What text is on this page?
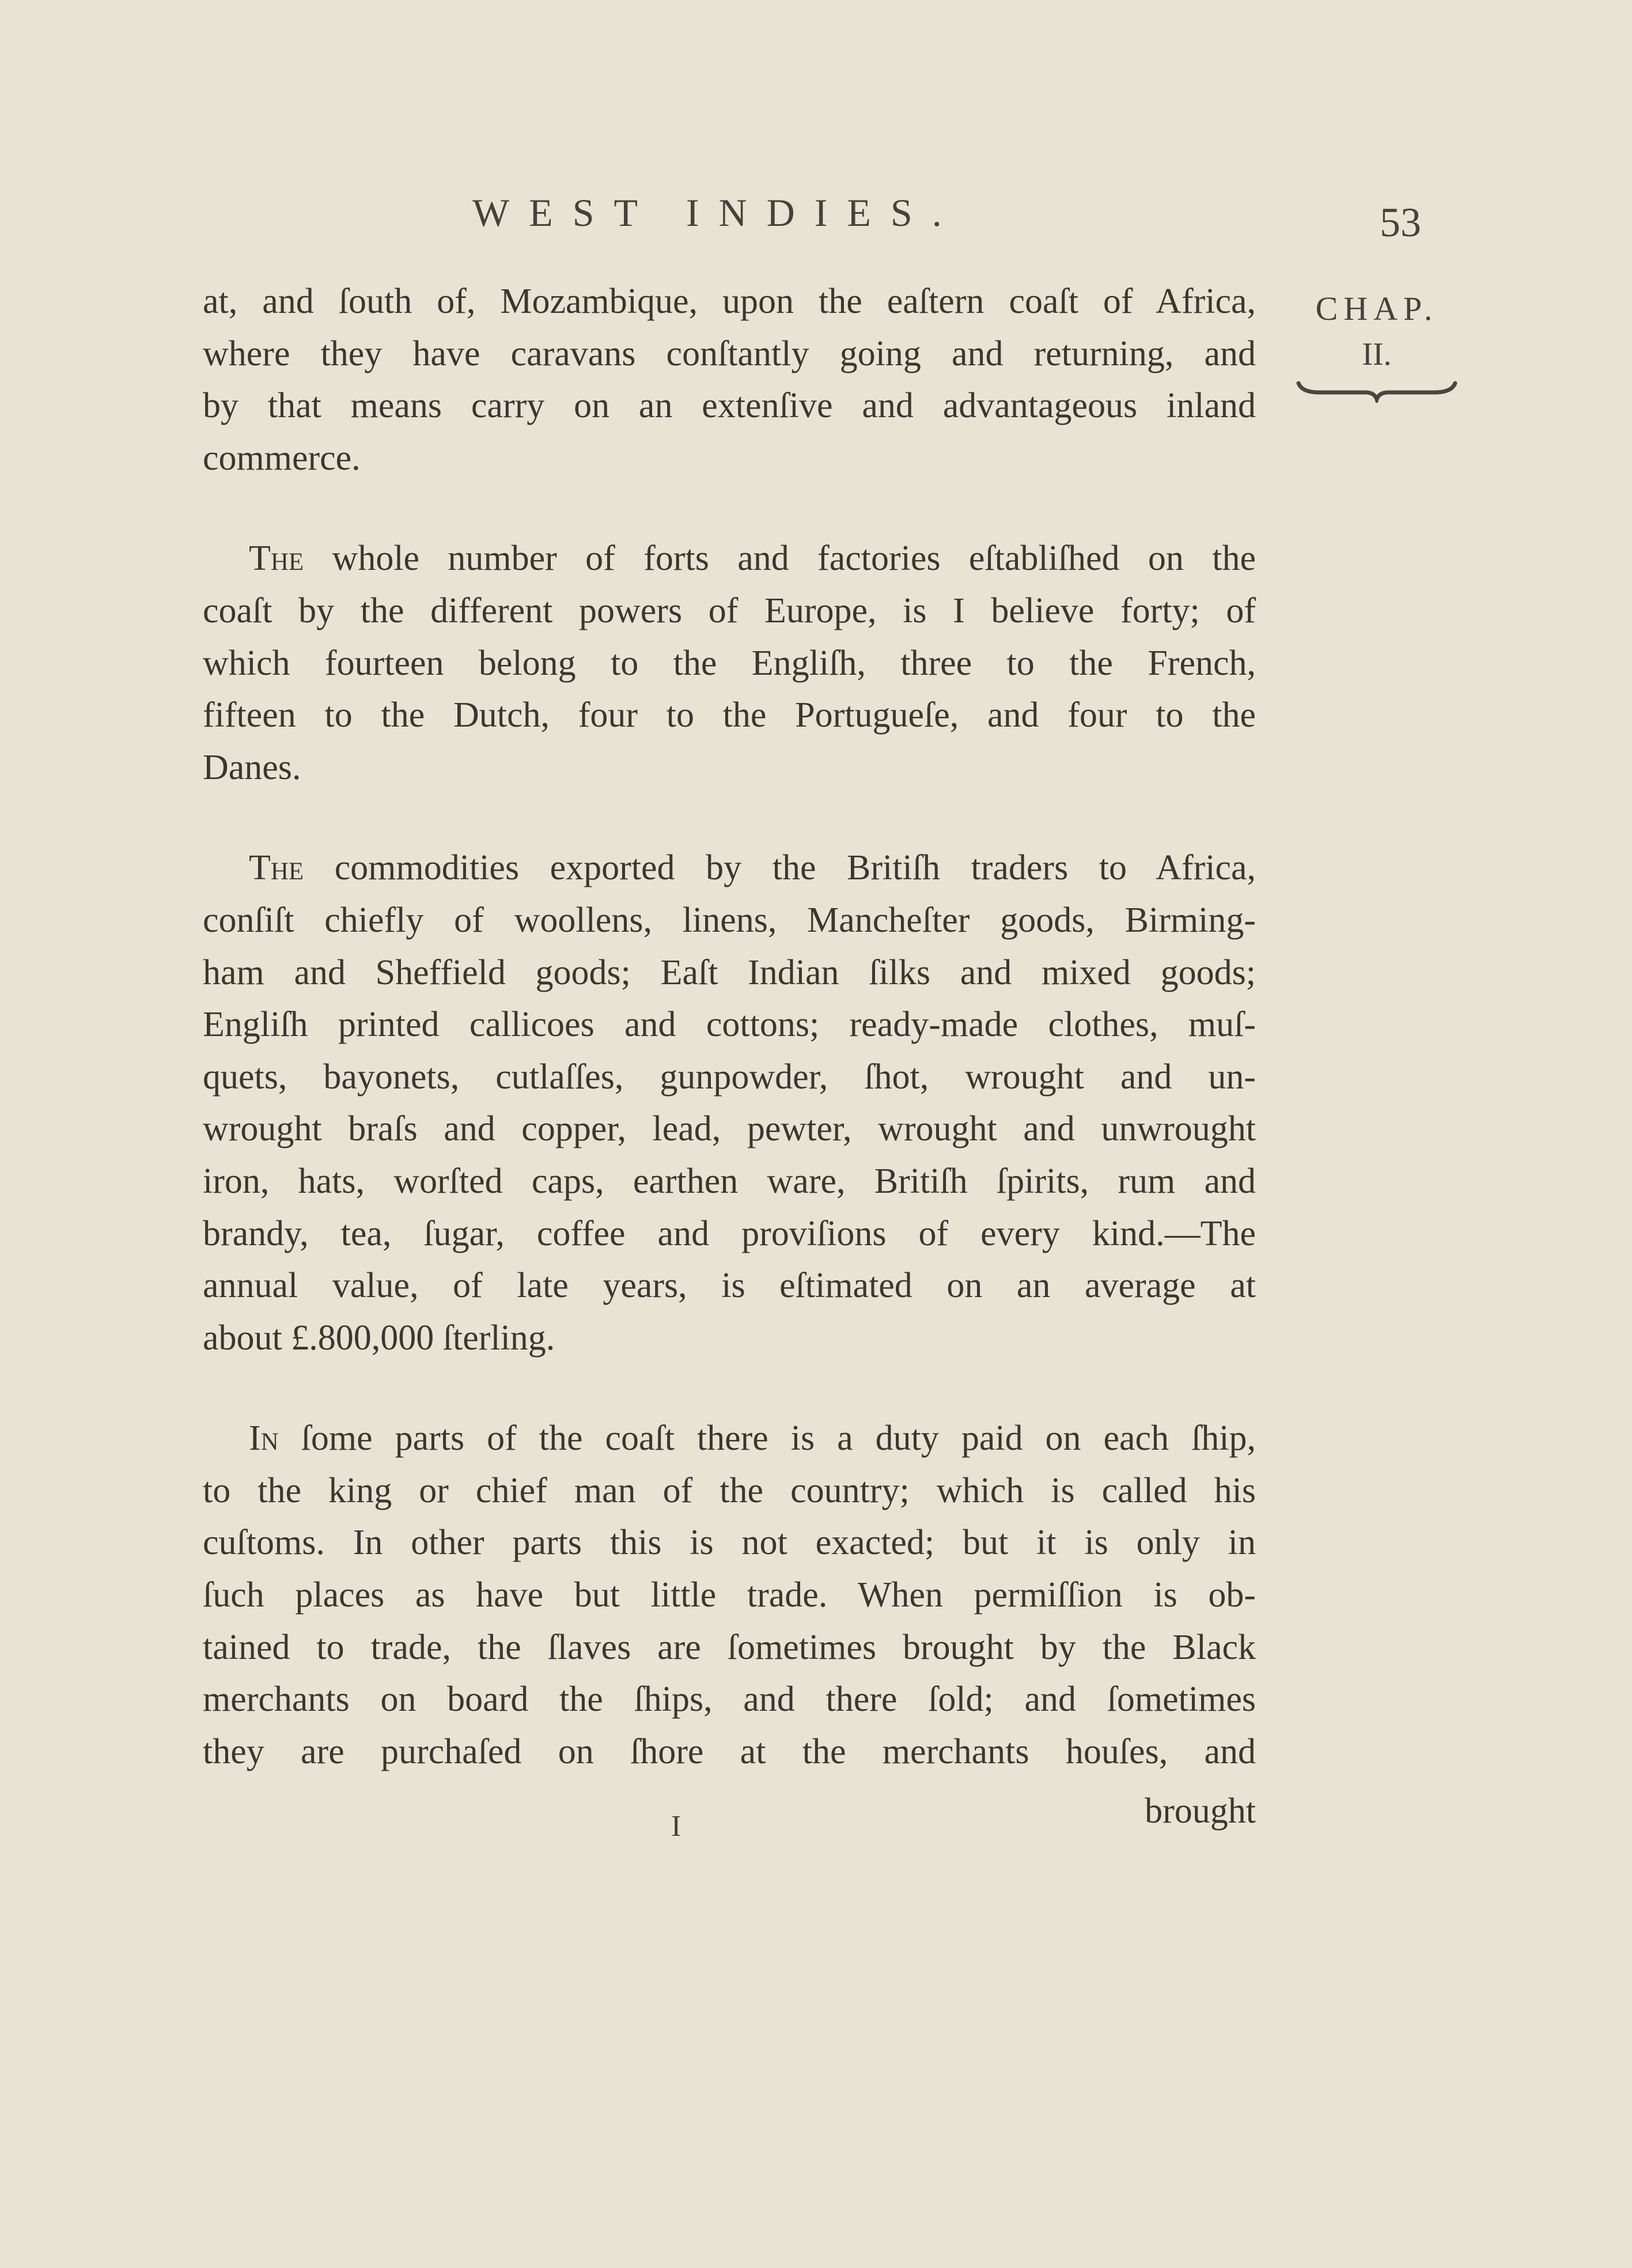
WEST INDIES.	53
CHAP.
II.

at, and ſouth of, Mozambique, upon the eaſtern coaſt of Africa,
where they have caravans conſtantly going and returning, and
by that means carry on an extenſive and advantageous inland
commerce.

The whole number of forts and factories eſtabliſhed on the
coaſt by the different powers of Europe, is I believe forty; of
which fourteen belong to the Engliſh, three to the French,
fifteen to the Dutch, four to the Portugueſe, and four to the
Danes.

The commodities exported by the Britiſh traders to Africa,
conſiſt chiefly of woollens, linens, Mancheſter goods, Birming-
ham and Sheffield goods; Eaſt Indian ſilks and mixed goods;
Engliſh printed callicoes and cottons; ready-made clothes, muſ-
quets, bayonets, cutlaſſes, gunpowder, ſhot, wrought and un-
wrought braſs and copper, lead, pewter, wrought and unwrought
iron, hats, worſted caps, earthen ware, Britiſh ſpirits, rum and
brandy, tea, ſugar, coffee and proviſions of every kind.—The
annual value, of late years, is eſtimated on an average at
about £.800,000 ſterling.

In ſome parts of the coaſt there is a duty paid on each ſhip,
to the king or chief man of the country; which is called his
cuſtoms. In other parts this is not exacted; but it is only in
ſuch places as have but little trade. When permiſſion is ob-
tained to trade, the ſlaves are ſometimes brought by the Black
merchants on board the ſhips, and there ſold; and ſometimes
they are purchaſed on ſhore at the merchants houſes, and

I	brought
